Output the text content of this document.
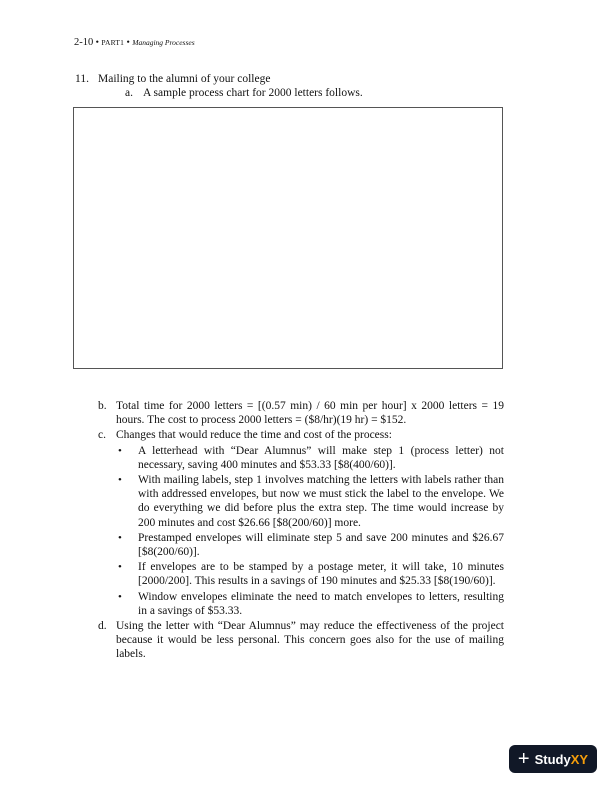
2-10 • PART1 • Managing Processes
11. Mailing to the alumni of your college
a. A sample process chart for 2000 letters follows.
b. Total time for 2000 letters = [(0.57 min) / 60 min per hour] x 2000 letters = 19 hours. The cost to process 2000 letters = ($8/hr)(19 hr) = $152.
c. Changes that would reduce the time and cost of the process:
•	A letterhead with “Dear Alumnus” will make step 1 (process letter) not necessary, saving 400 minutes and $53.33 [$8(400/60)].
•	With mailing labels, step 1 involves matching the letters with labels rather than with addressed envelopes, but now we must stick the label to the envelope. We do everything we did before plus the extra step. The time would increase by 200 minutes and cost $26.66 [$8(200/60)] more.
•	Prestamped envelopes will eliminate step 5 and save 200 minutes and $26.67 [$8(200/60)].
•	If envelopes are to be stamped by a postage meter, it will take, 10 minutes [2000/200]. This results in a savings of 190 minutes and $25.33 [$8(190/60)].
•	Window envelopes eliminate the need to match envelopes to letters, resulting in a savings of $53.33.
d. Using the letter with “Dear Alumnus” may reduce the effectiveness of the project because it would be less personal. This concern goes also for the use of mailing labels.
+ Study XY
